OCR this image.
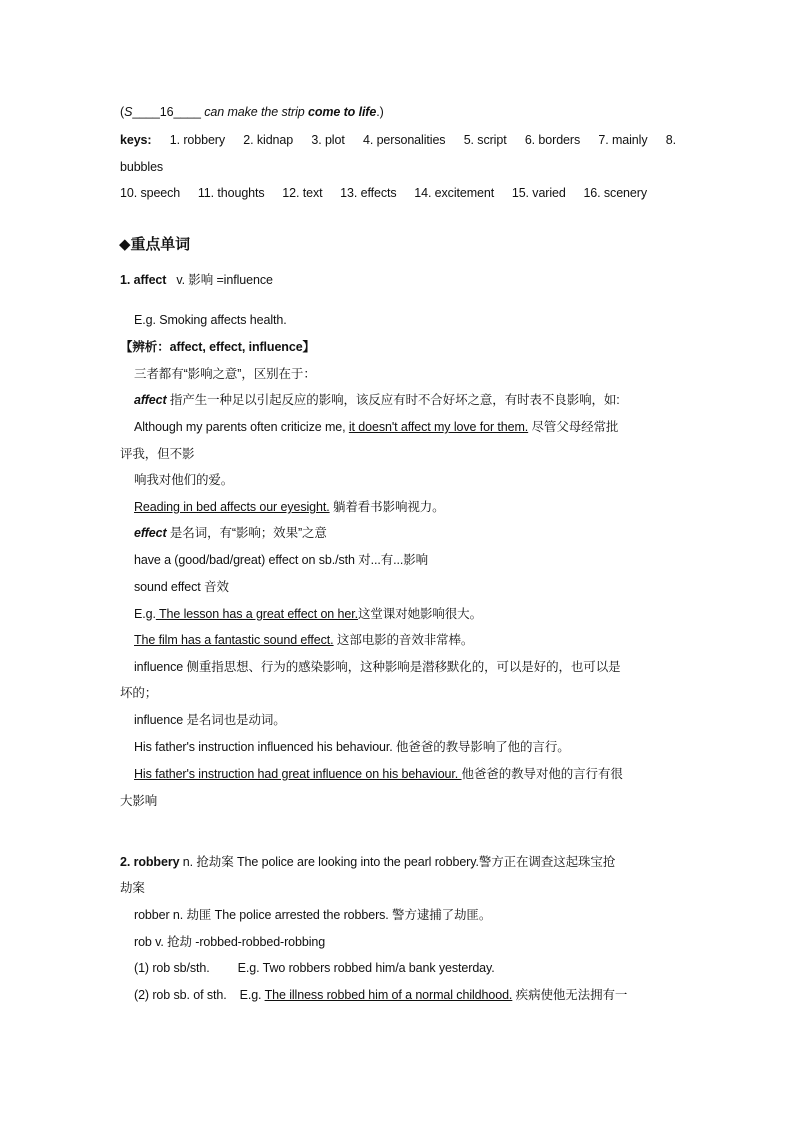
(S____16____ can make the strip come to life.)
keys: 1. robbery 2. kidnap 3. plot 4. personalities 5. script 6. borders 7. mainly 8.
bubbles
10. speech 11. thoughts 12. text 13. effects 14. excitement 15. varied 16. scenery
◆重点单词
1. affect v. 影响 =influence
E.g. Smoking affects health.
【辨析：affect, effect, influence】
三者都有“影响之意”，区别在于：
affect 指产生一种足以引起反应的影响，该反应有时不合好坏之意，有时表不良影响，如:
Although my parents often criticize me, it doesn't affect my love for them. 尽管父母经常批
评我，但不影
响我对他们的爱。
Reading in bed affects our eyesight. 躺着看书影响视力。
effect 是名词，有“影响；效果”之意
have a (good/bad/great) effect on sb./sth 对...有...影响
sound effect 音效
E.g. The lesson has a great effect on her.这堂课对她影响很大。
The film has a fantastic sound effect. 这部电影的音效非常棒。
influence 侧重指思想、行为的感染影响，这种影响是潜移默化的，可以是好的，也可以是
坏的；
influence 是名词也是动词。
His father's instruction influenced his behaviour. 他爸爸的教导影响了他的言行。
His father's instruction had great influence on his behaviour. 他爸爸的教导对他的言行有很
大影响
2. robbery n. 抢劫案 The police are looking into the pearl robbery.警方正在调查这起珠宝抢
劫案
robber n. 劫匪 The police arrested the robbers. 警方逮捕了劫匪。
rob v. 抢劫 -robbed-robbed-robbing
(1) rob sb/sth. E.g. Two robbers robbed him/a bank yesterday.
(2) rob sb. of sth. E.g. The illness robbed him of a normal childhood. 疾病使他无法拥有一
